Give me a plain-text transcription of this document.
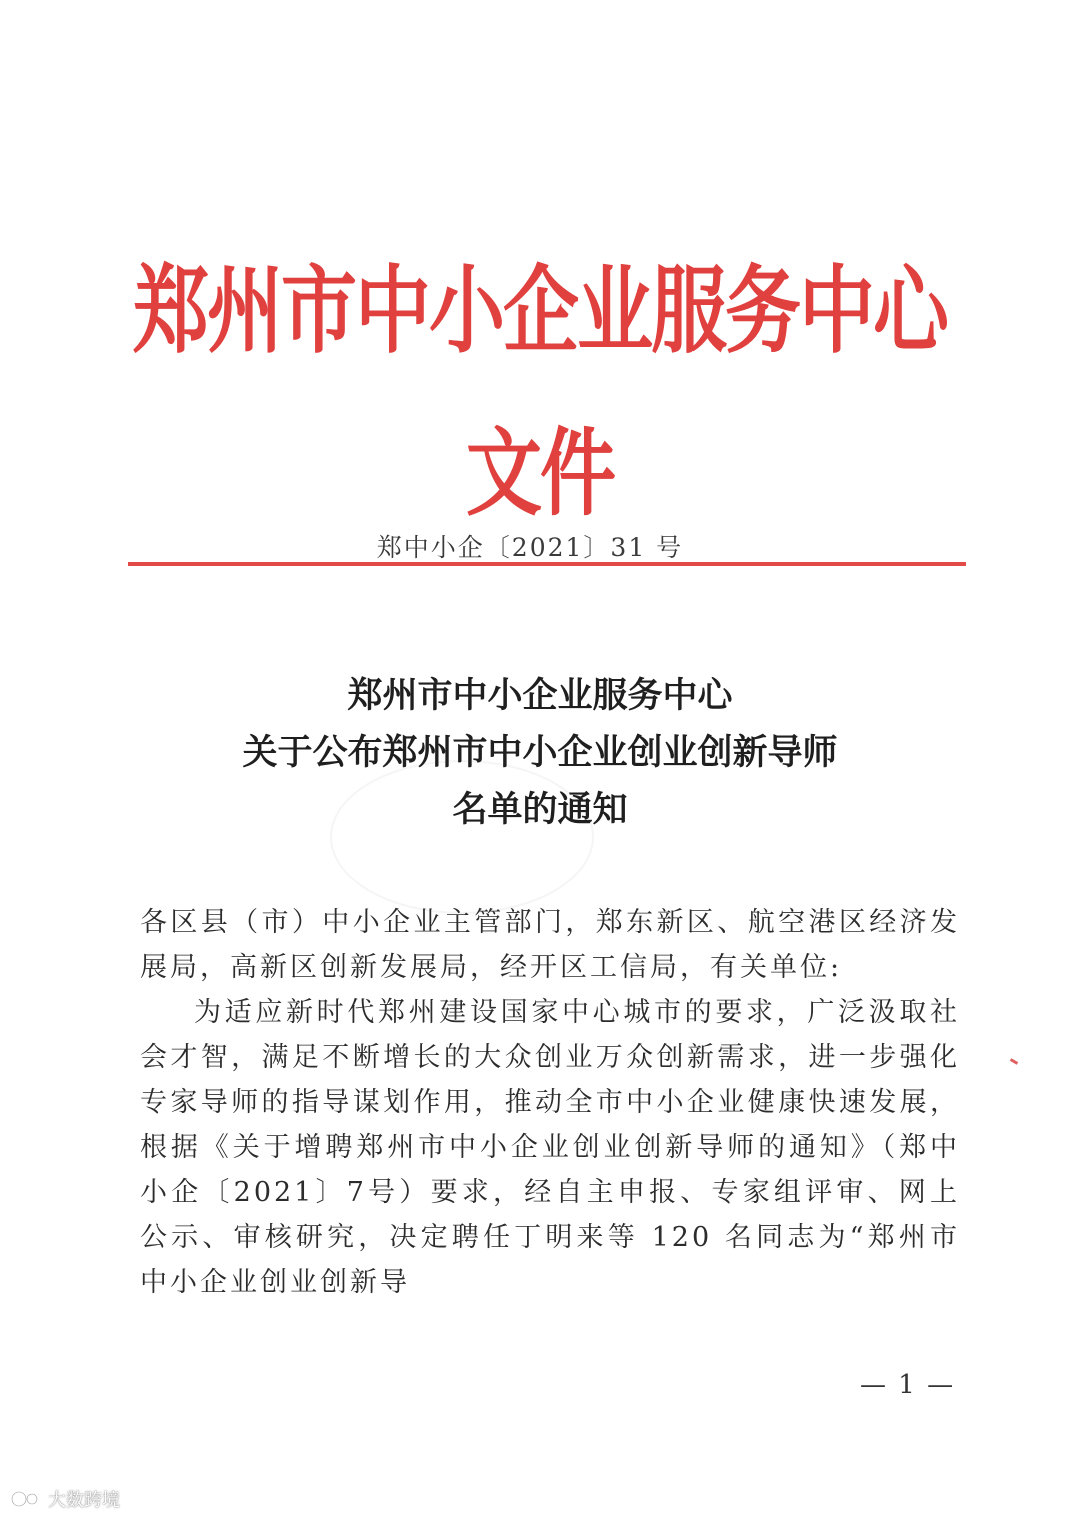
郑州市中小企业服务中心文件
郑中小企〔2021〕31 号
郑州市中小企业服务中心
关于公布郑州市中小企业创业创新导师
名单的通知

各区县（市）中小企业主管部门，郑东新区、航空港区经济发展局，高新区创新发展局，经开区工信局，有关单位:

为适应新时代郑州建设国家中心城市的要求，广泛汲取社会才智，满足不断增长的大众创业万众创新需求，进一步强化专家导师的指导谋划作用，推动全市中小企业健康快速发展，根据《关于增聘郑州市中小企业创业创新导师的通知》（郑中小企〔2021〕7号）要求，经自主申报、专家组评审、网上公示、审核研究，决定聘任丁明来等 120 名同志为“郑州市中小企业创业创新导

— 1 —
大数跨境
